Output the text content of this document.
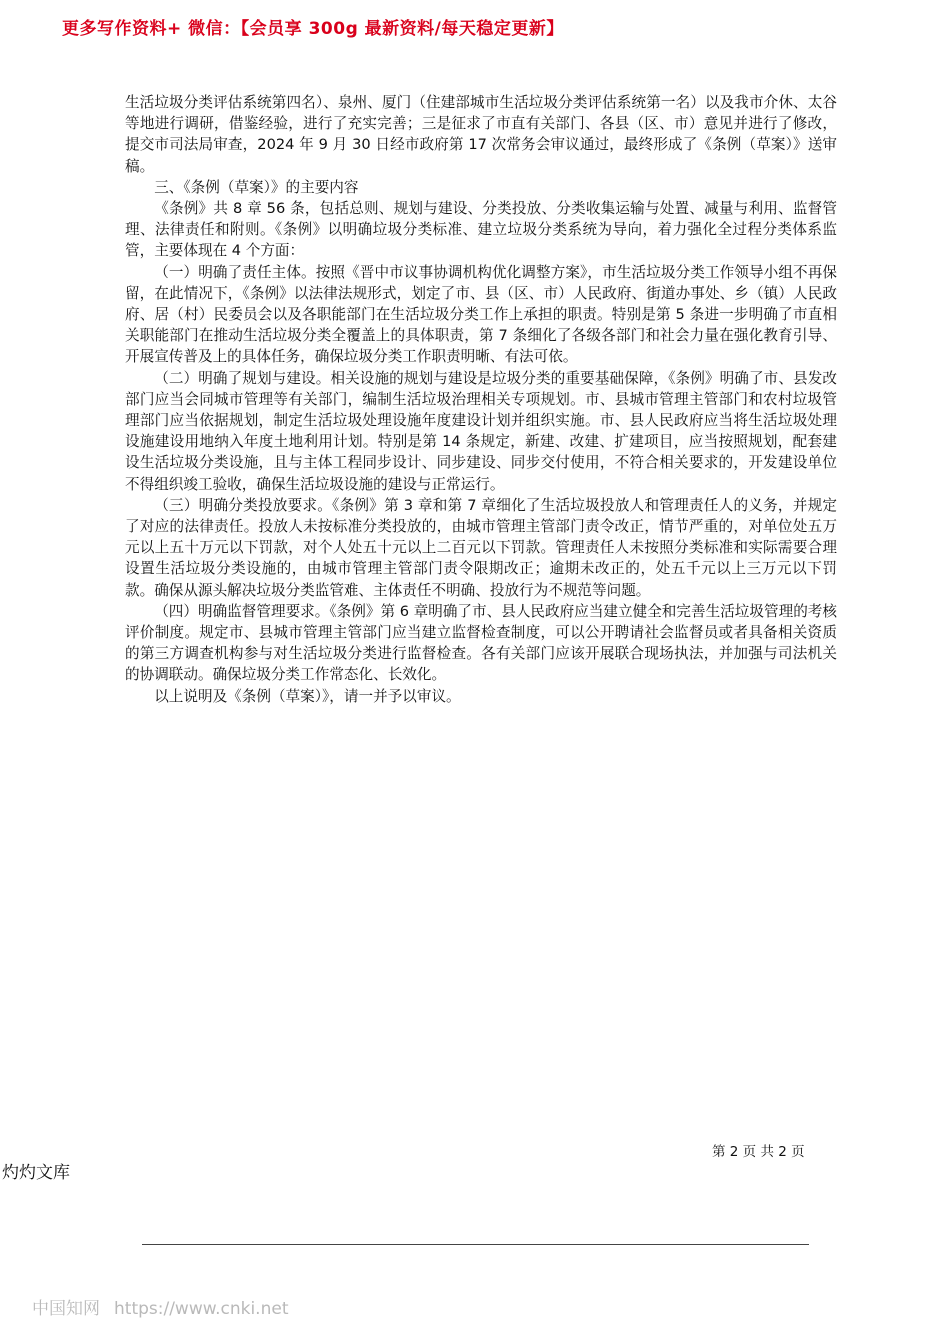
更多写作资料+ 微信：【会员享 300g 最新资料/每天稳定更新】

生活垃圾分类评估系统第四名）、泉州、厦门（住建部城市生活垃圾分类评估系统第一名）以及我市介休、太谷等地进行调研，借鉴经验，进行了充实完善；三是征求了市直有关部门、各县（区、市）意见并进行了修改，提交市司法局审查，2024 年 9 月 30 日经市政府第 17 次常务会审议通过，最终形成了《条例（草案）》送审稿。

三、《条例（草案）》的主要内容

《条例》共 8 章 56 条，包括总则、规划与建设、分类投放、分类收集运输与处置、减量与利用、监督管理、法律责任和附则。《条例》以明确垃圾分类标准、建立垃圾分类系统为导向，着力强化全过程分类体系监管，主要体现在 4 个方面：

（一）明确了责任主体。按照《晋中市议事协调机构优化调整方案》，市生活垃圾分类工作领导小组不再保留，在此情况下，《条例》以法律法规形式，划定了市、县（区、市）人民政府、街道办事处、乡（镇）人民政府、居（村）民委员会以及各职能部门在生活垃圾分类工作上承担的职责。特别是第 5 条进一步明确了市直相关职能部门在推动生活垃圾分类全覆盖上的具体职责，第 7 条细化了各级各部门和社会力量在强化教育引导、开展宣传普及上的具体任务，确保垃圾分类工作职责明晰、有法可依。

（二）明确了规划与建设。相关设施的规划与建设是垃圾分类的重要基础保障，《条例》明确了市、县发改部门应当会同城市管理等有关部门，编制生活垃圾治理相关专项规划。市、县城市管理主管部门和农村垃圾管理部门应当依据规划，制定生活垃圾处理设施年度建设计划并组织实施。市、县人民政府应当将生活垃圾处理设施建设用地纳入年度土地利用计划。特别是第 14 条规定，新建、改建、扩建项目，应当按照规划，配套建设生活垃圾分类设施，且与主体工程同步设计、同步建设、同步交付使用，不符合相关要求的，开发建设单位不得组织竣工验收，确保生活垃圾设施的建设与正常运行。

（三）明确分类投放要求。《条例》第 3 章和第 7 章细化了生活垃圾投放人和管理责任人的义务，并规定了对应的法律责任。投放人未按标准分类投放的，由城市管理主管部门责令改正，情节严重的，对单位处五万元以上五十万元以下罚款，对个人处五十元以上二百元以下罚款。管理责任人未按照分类标准和实际需要合理设置生活垃圾分类设施的，由城市管理主管部门责令限期改正；逾期未改正的，处五千元以上三万元以下罚款。确保从源头解决垃圾分类监管难、主体责任不明确、投放行为不规范等问题。

（四）明确监督管理要求。《条例》第 6 章明确了市、县人民政府应当建立健全和完善生活垃圾管理的考核评价制度。规定市、县城市管理主管部门应当建立监督检查制度，可以公开聘请社会监督员或者具备相关资质的第三方调查机构参与对生活垃圾分类进行监督检查。各有关部门应该开展联合现场执法，并加强与司法机关的协调联动。确保垃圾分类工作常态化、长效化。

以上说明及《条例（草案）》，请一并予以审议。

第 2 页 共 2 页
灼灼文库
中国知网 https://www.cnki.net
